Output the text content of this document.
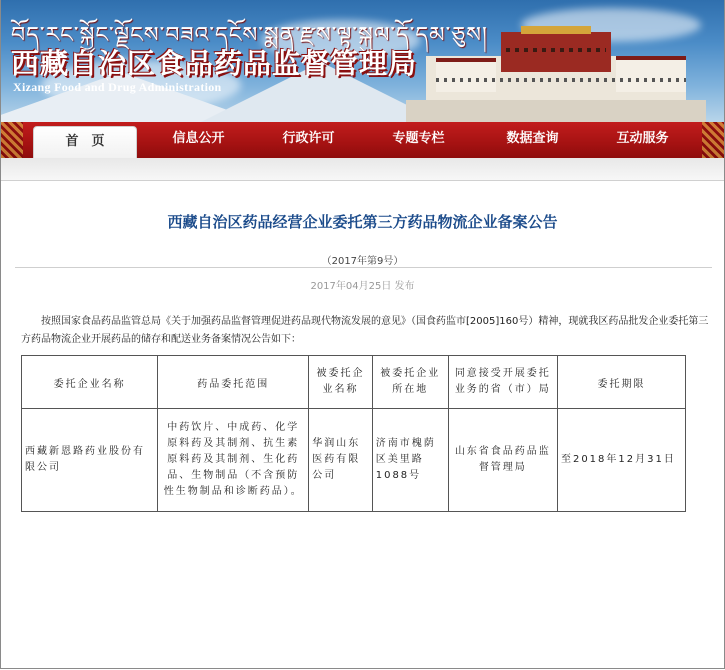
བོད་རང་སྐྱོང་ལྗོངས་བཟའ་དངོས་སྨན་རྫས་ལྟ་སྐུལ་དོ་དམ་ཅུས།
西藏自治区食品药品监督管理局
Xizang Food and Drug Administration
首　页	信息公开	行政许可	专题专栏	数据查询	互动服务
西藏自治区药品经营企业委托第三方药品物流企业备案公告
（2017年第9号）
2017年04月25日 发布
按照国家食品药品监管总局《关于加强药品监督管理促进药品现代物流发展的意见》（国食药监市[2005]160号）精神，现就我区药品批发企业委托第三方药品物流企业开展药品的储存和配送业务备案情况公告如下：
委托企业名称	药品委托范围	被委托企业名称	被委托企业所在地	同意接受开展委托业务的省（市）局	委托期限
西藏新恩路药业股份有限公司	中药饮片、中成药、化学原料药及其制剂、抗生素原料药及其制剂、生化药品、生物制品（不含预防性生物制品和诊断药品）。	华润山东医药有限公司	济南市槐荫区美里路1088号	山东省食品药品监督管理局	至2018年12月31日
